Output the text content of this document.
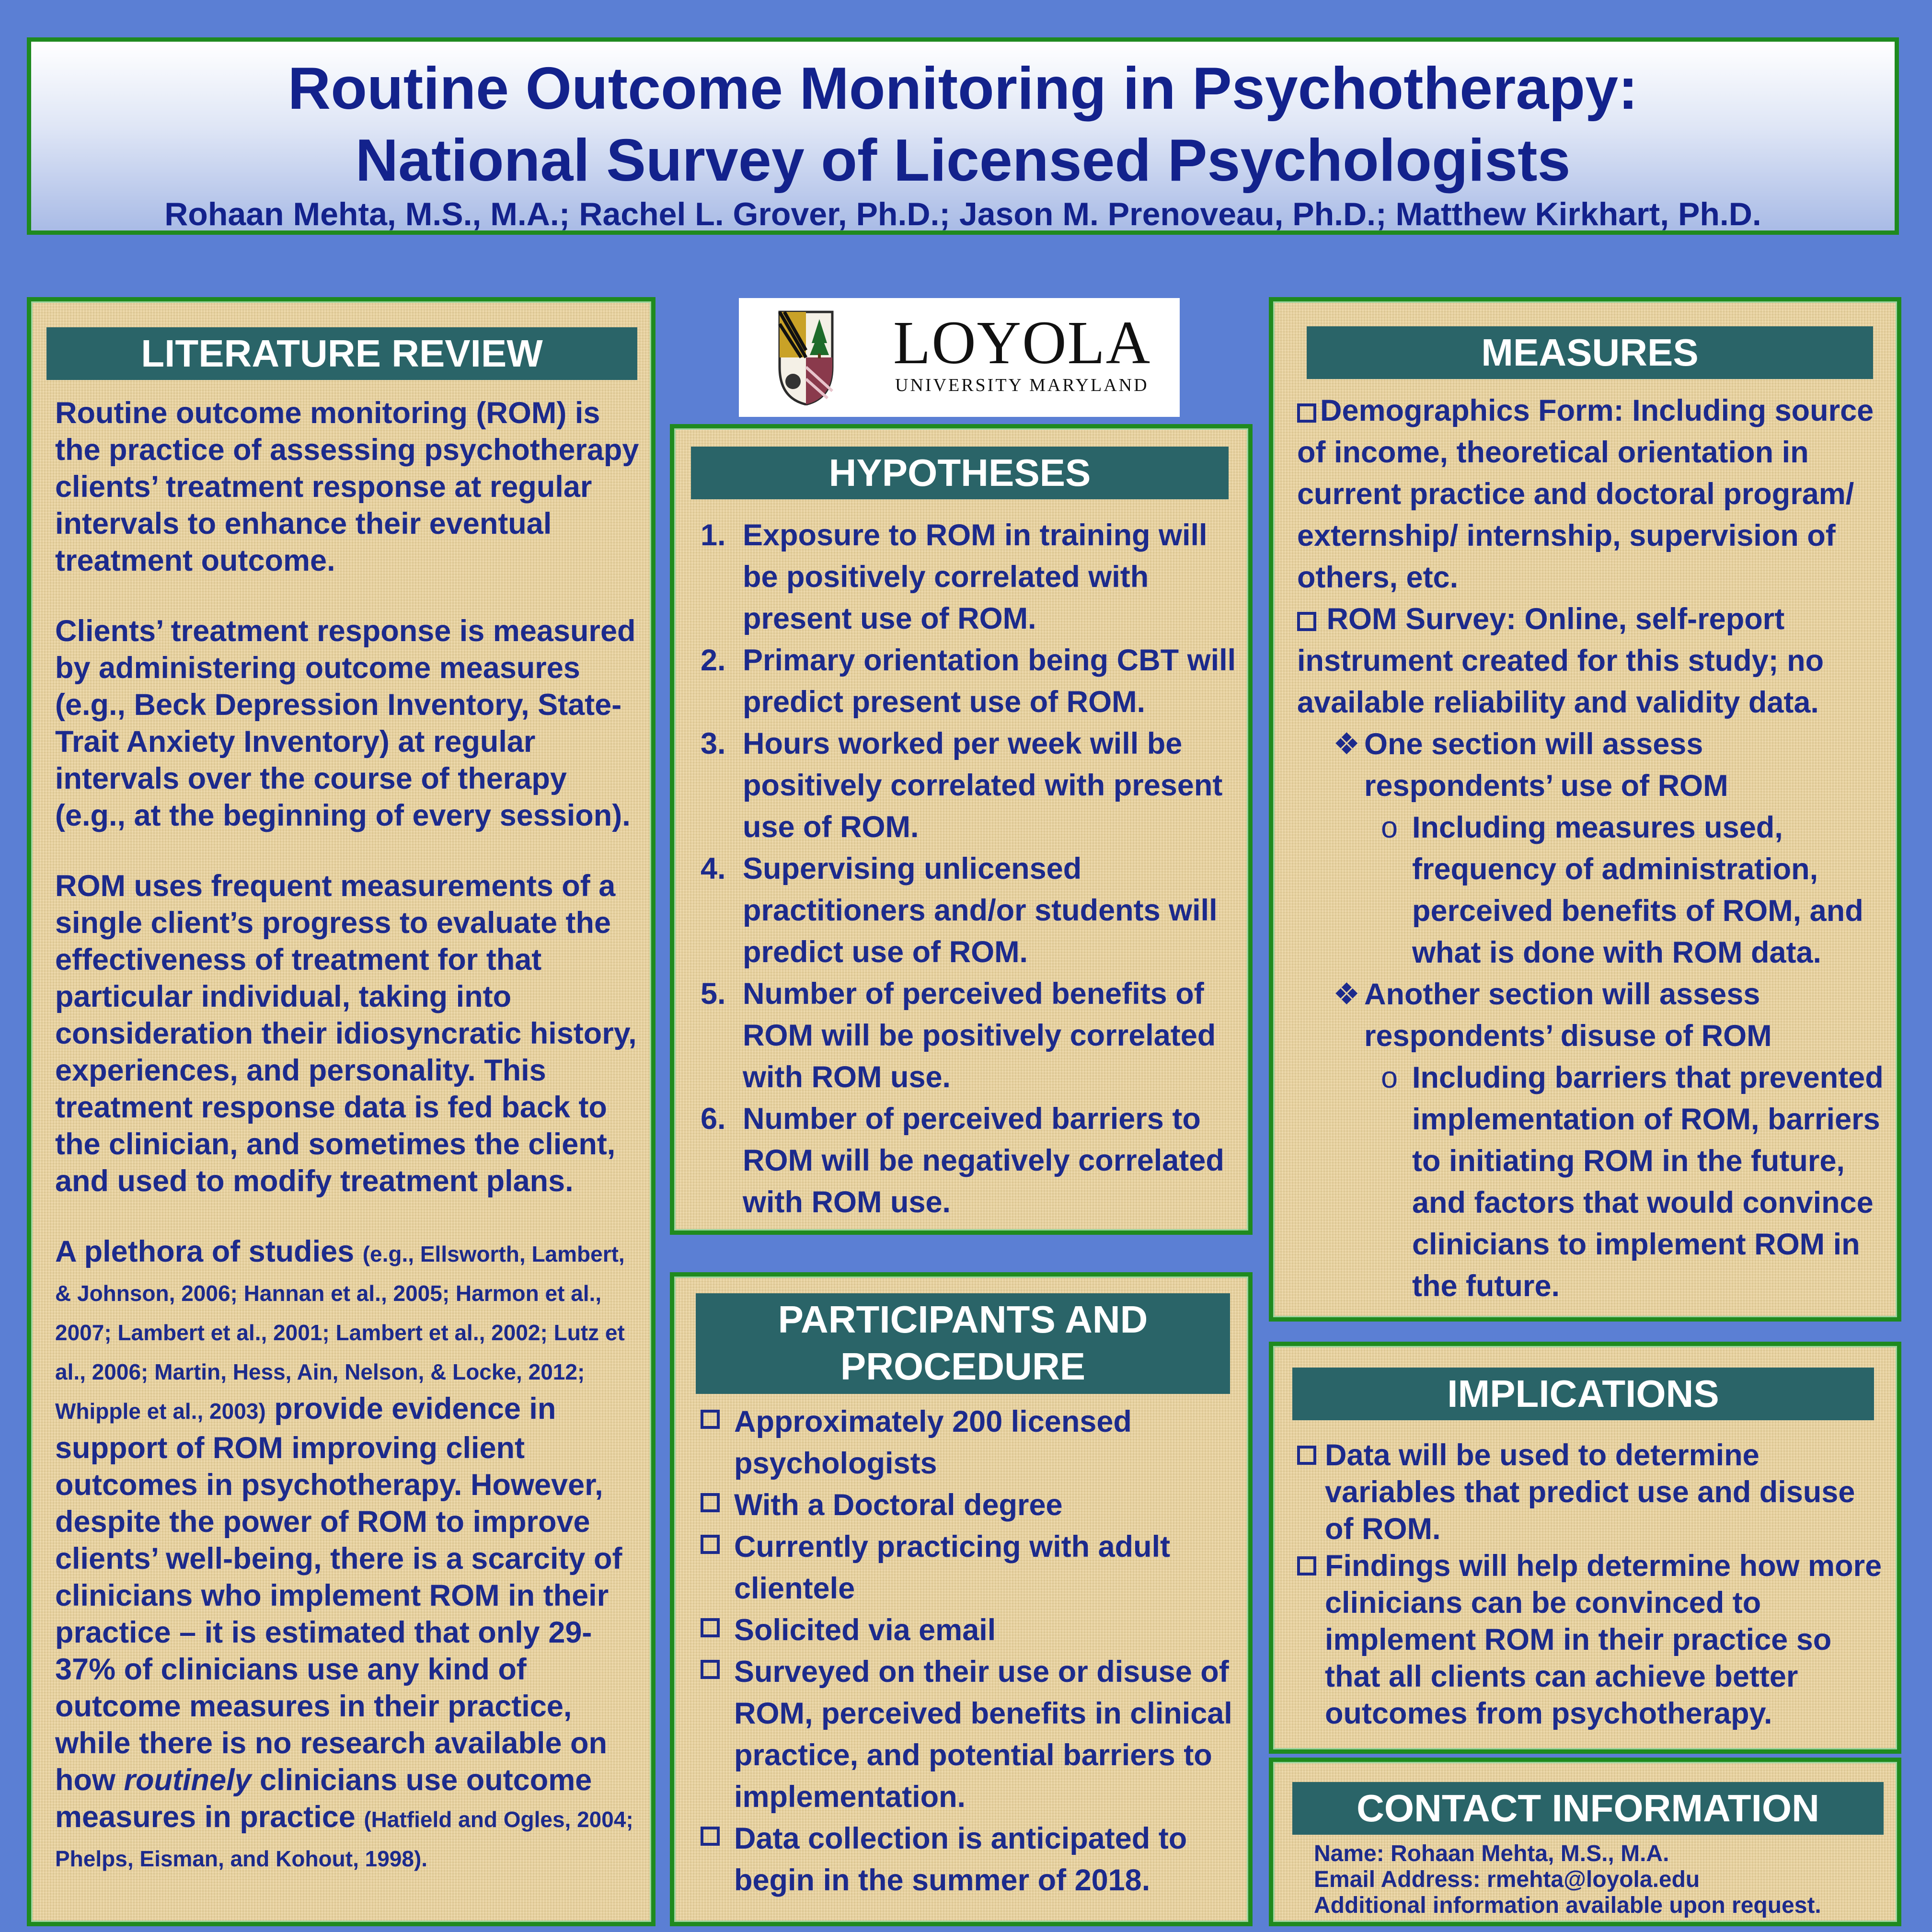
Routine Outcome Monitoring in Psychotherapy:
National Survey of Licensed Psychologists
Rohaan Mehta, M.S., M.A.; Rachel L. Grover, Ph.D.; Jason M. Prenoveau, Ph.D.; Matthew Kirkhart, Ph.D.
LOYOLA
UNIVERSITY MARYLAND
LITERATURE REVIEW

Routine outcome monitoring (ROM) is the practice of assessing psychotherapy clients’ treatment response at regular intervals to enhance their eventual treatment outcome.

Clients’ treatment response is measured by administering outcome measures (e.g., Beck Depression Inventory, State-Trait Anxiety Inventory) at regular intervals over the course of therapy (e.g., at the beginning of every session).

ROM uses frequent measurements of a single client’s progress to evaluate the effectiveness of treatment for that particular individual, taking into consideration their idiosyncratic history, experiences, and personality. This treatment response data is fed back to the clinician, and sometimes the client, and used to modify treatment plans.

A plethora of studies (e.g., Ellsworth, Lambert, & Johnson, 2006; Hannan et al., 2005; Harmon et al., 2007; Lambert et al., 2001; Lambert et al., 2002; Lutz et al., 2006; Martin, Hess, Ain, Nelson, & Locke, 2012; Whipple et al., 2003) provide evidence in support of ROM improving client outcomes in psychotherapy. However, despite the power of ROM to improve clients’ well-being, there is a scarcity of clinicians who implement ROM in their practice – it is estimated that only 29-37% of clinicians use any kind of outcome measures in their practice, while there is no research available on how routinely clinicians use outcome measures in practice (Hatfield and Ogles, 2004; Phelps, Eisman, and Kohout, 1998).

HYPOTHESES
1. Exposure to ROM in training will be positively correlated with present use of ROM.
2. Primary orientation being CBT will predict present use of ROM.
3. Hours worked per week will be positively correlated with present use of ROM.
4. Supervising unlicensed practitioners and/or students will predict use of ROM.
5. Number of perceived benefits of ROM will be positively correlated with ROM use.
6. Number of perceived barriers to ROM will be negatively correlated with ROM use.
PARTICIPANTS AND
PROCEDURE
Approximately 200 licensed psychologists
With a Doctoral degree
Currently practicing with adult clientele
Solicited via email
Surveyed on their use or disuse of ROM, perceived benefits in clinical practice, and potential barriers to implementation.
Data collection is anticipated to begin in the summer of 2018.
MEASURES
Demographics Form: Including source of income, theoretical orientation in current practice and doctoral program/ externship/ internship, supervision of others, etc.
ROM Survey: Online, self-report instrument created for this study; no available reliability and validity data.
❖ One section will assess respondents’ use of ROM
o Including measures used, frequency of administration, perceived benefits of ROM, and what is done with ROM data.
❖ Another section will assess respondents’ disuse of ROM
o Including barriers that prevented implementation of ROM, barriers to initiating ROM in the future, and factors that would convince clinicians to implement ROM in the future.
IMPLICATIONS
Data will be used to determine variables that predict use and disuse of ROM.
Findings will help determine how more clinicians can be convinced to implement ROM in their practice so that all clients can achieve better outcomes from psychotherapy.
CONTACT INFORMATION
Name: Rohaan Mehta, M.S., M.A.
Email Address: rmehta@loyola.edu
Additional information available upon request.
